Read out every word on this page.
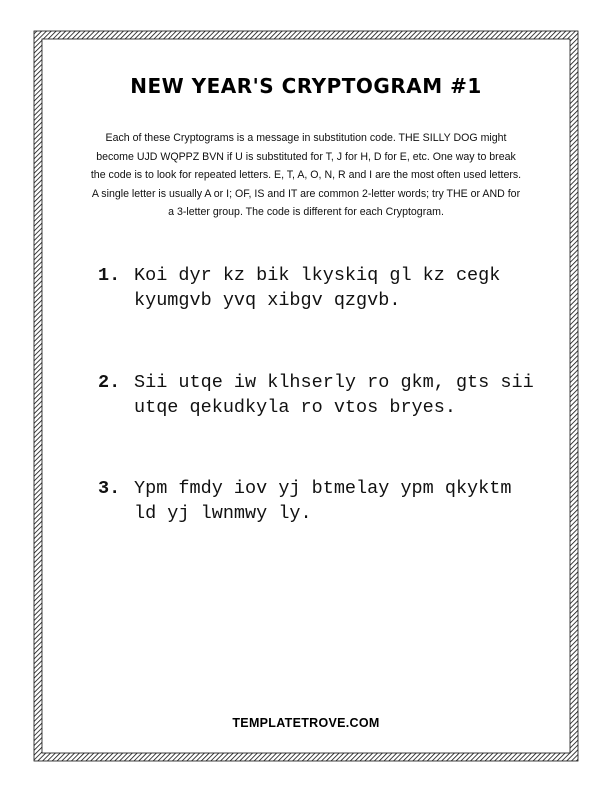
NEW YEAR'S CRYPTOGRAM #1
Each of these Cryptograms is a message in substitution code. THE SILLY DOG might become UJD WQPPZ BVN if U is substituted for T, J for H, D for E, etc. One way to break the code is to look for repeated letters. E, T, A, O, N, R and I are the most often used letters. A single letter is usually A or I; OF, IS and IT are common 2-letter words; try THE or AND for a 3-letter group. The code is different for each Cryptogram.
1. Koi dyr kz bik lkyskiq gl kz cegk
kyumgvb yvq xibgv qzgvb.
2. Sii utqe iw klhserly ro gkm, gts sii
utqe qekudkyla ro vtos bryes.
3. Ypm fmdy iov yj btmelay ypm qkyktm
ld yj lwnmwy ly.
TEMPLATETROVE.COM
